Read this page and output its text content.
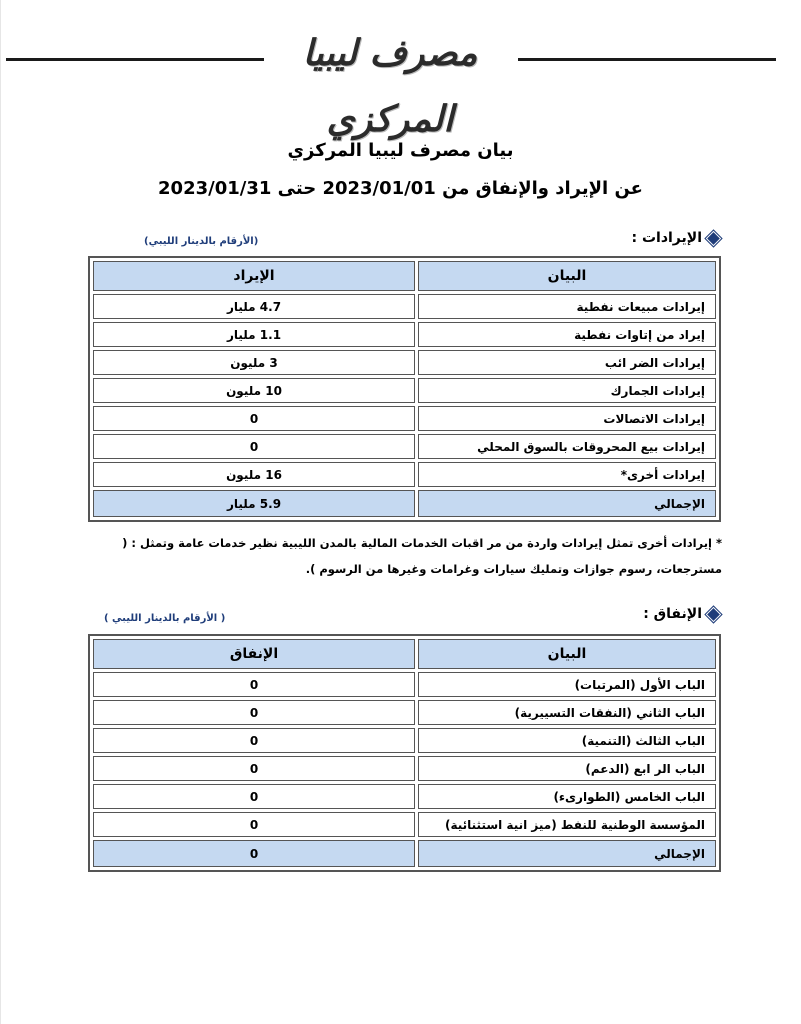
مصرف ليبيا المركزي
بيان مصرف ليبيا المركزي
عن الإيراد والإنفاق من 2023/01/01 حتى 2023/01/31
الإيرادات :
(الأرقام بالدينار الليبي)
البيان	الإيراد
إيرادات مبيعات نفطية	4.7 مليار
إيراد من إتاوات نفطية	1.1 مليار
إيرادات الضر ائب	3 مليون
إيرادات الجمارك	10 مليون
إيرادات الاتصالات	0
إيرادات بيع المحروقات بالسوق المحلي	0
إيرادات أخرى*	16 مليون
الإجمالي	5.9 مليار
* إيرادات أخرى تمثل إيرادات واردة من مر اقبات الخدمات المالية بالمدن الليبية نظير خدمات عامة وتمثل : ( مسترجعات، رسوم جوازات وتمليك سيارات وغرامات وغيرها من الرسوم ).
الإنفاق :
( الأرقام بالدينار الليبي )
البيان	الإنفاق
الباب الأول (المرتبات)	0
الباب الثاني (النفقات التسييرية)	0
الباب الثالث (التنمية)	0
الباب الر ابع (الدعم)	0
الباب الخامس (الطوارىء)	0
المؤسسة الوطنية للنفط (ميز انية استثنائية)	0
الإجمالي	0
